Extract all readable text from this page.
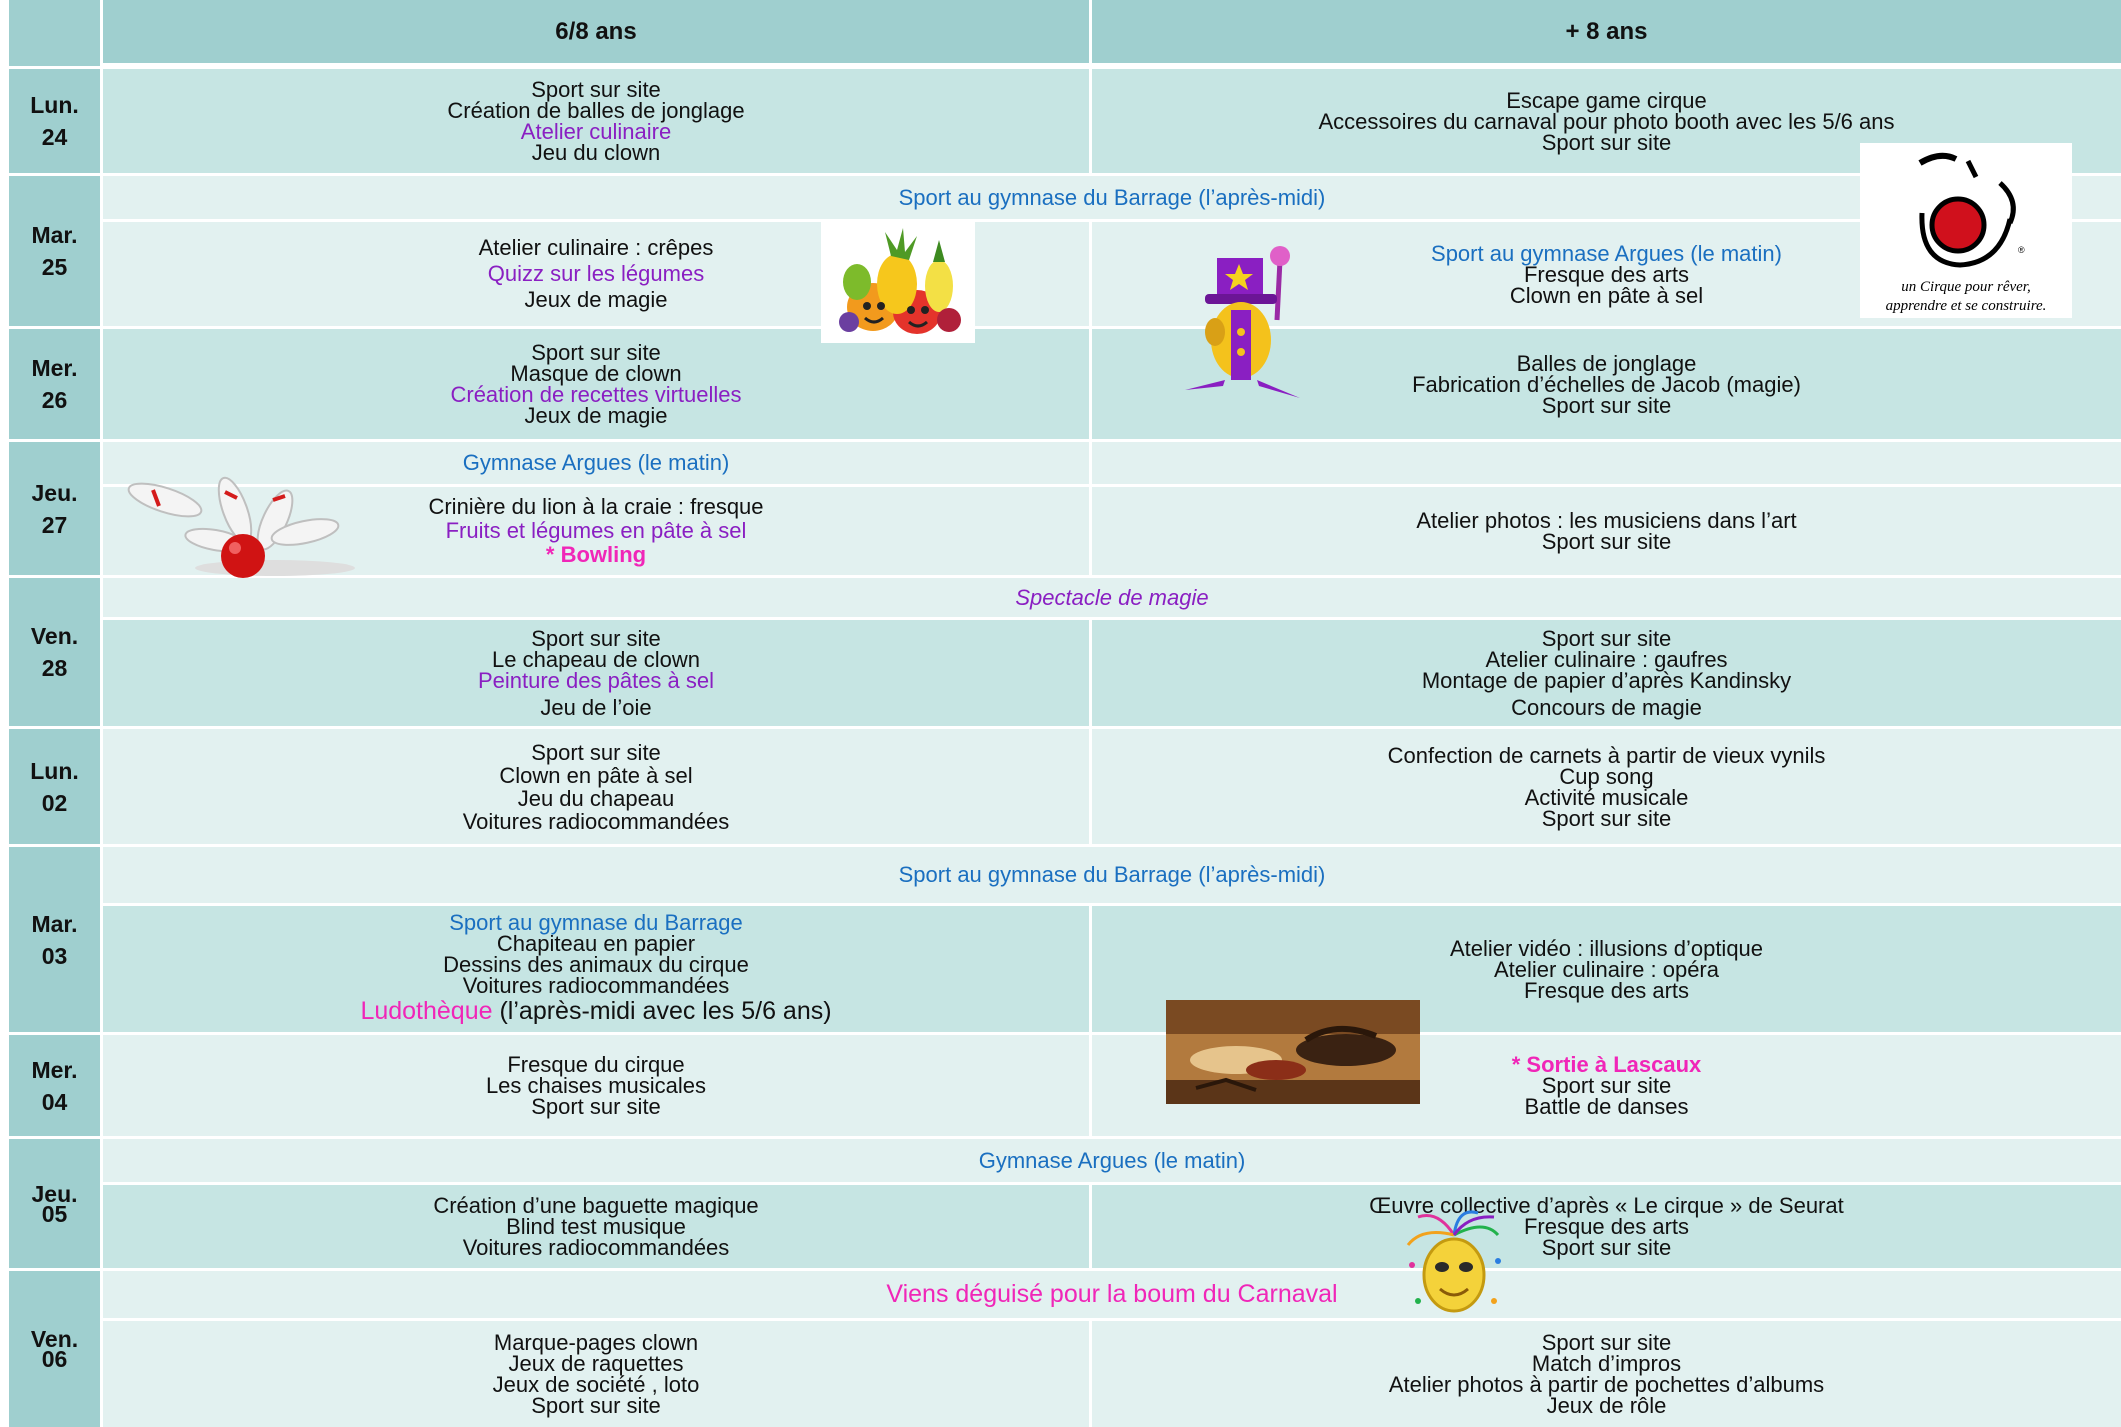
6/8 ans	+ 8 ans
Lun.
24
Mar.
25
Mer.
26
Jeu.
27
Ven.
28
Lun.
02
Mar.
03
Mer.
04
Jeu.
05
Ven.
06
Sport sur site
Création de balles de jonglage
Atelier culinaire
Jeu du clown
Escape game cirque
Accessoires du carnaval pour photo booth avec les 5/6 ans
Sport sur site
Sport au gymnase du Barrage (l’après-midi)
Atelier culinaire : crêpes
Quizz sur les légumes
Jeux de magie
Sport au gymnase Argues (le matin)
Fresque des arts
Clown en pâte à sel
Sport sur site
Masque de clown
Création de recettes virtuelles
Jeux de magie
Balles de jonglage
Fabrication d’échelles de Jacob (magie)
Sport sur site
Gymnase Argues (le matin)
Crinière du lion à la craie : fresque
Fruits et légumes en pâte à sel
* Bowling
Atelier photos : les musiciens dans l’art
Sport sur site
Spectacle de magie
Sport sur site
Le chapeau de clown
Peinture des pâtes à sel
Jeu de l’oie
Sport sur site
Atelier culinaire : gaufres
Montage de papier d’après Kandinsky
Concours de magie
Sport sur site
Clown en pâte à sel
Jeu du chapeau
Voitures radiocommandées
Confection de carnets à partir de vieux vynils
Cup song
Activité musicale
Sport sur site
Sport au gymnase du Barrage (l’après-midi)
Sport au gymnase du Barrage
Chapiteau en papier
Dessins des animaux du cirque
Voitures radiocommandées
Ludothèque (l’après-midi avec les 5/6 ans)
Atelier vidéo : illusions d’optique
Atelier culinaire : opéra
Fresque des arts
Fresque du cirque
Les chaises musicales
Sport sur site
* Sortie à Lascaux
Sport sur site
Battle de danses
Gymnase Argues (le matin)
Création d’une baguette magique
Blind test musique
Voitures radiocommandées
Œuvre collective d’après « Le cirque » de Seurat
Fresque des arts
Sport sur site
Viens déguisé pour la boum du Carnaval
Marque-pages clown
Jeux de raquettes
Jeux de société , loto
Sport sur site
Sport sur site
Match d’impros
Atelier photos à partir de pochettes d’albums
Jeux de rôle
®
un Cirque pour rêver,
apprendre et se construire.
